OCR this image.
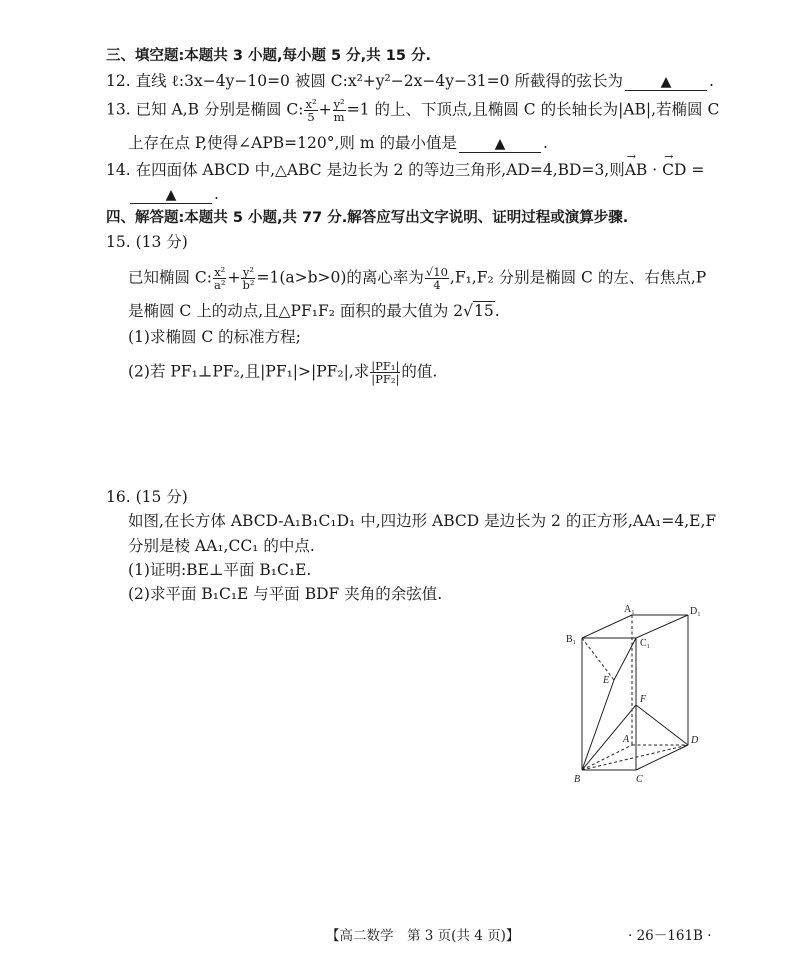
三、填空题:本题共 3 小题,每小题 5 分,共 15 分.
12. 直线 ℓ:3x−4y−10=0 被圆 C:x²+y²−2x−4y−31=0 所截得的弦长为	▲ .
13. 已知 A,B 分别是椭圆 C: $\frac{\text{x²}}{5} + \frac{\text{y²}}{m} =1$ 的上、下顶点,且椭圆 C 的长轴长为|AB|,若椭圆 C
上存在点 P,使得∠APB=120°,则 m 的最小值是	▲ .
14. 在四面体 ABCD 中,△ABC 是边长为 2 的等边三角形,AD=4,BD=3,则→ AB · → CD =
▲ .
四、解答题:本题共 5 小题,共 77 分.解答应写出文字说明、证明过程或演算步骤.
15. (13 分)
已知椭圆 C: $\frac{\text{x²}}{\text{a²}} + \frac{\text{y²}}{\text{b²}} =1(a>b>0)$的离心率为 $\frac{√10}{4} ,F_1,F_2$ 分别是椭圆 C 的左、右焦点,P
是椭圆 C 上的动点,且△PF₁F₂ 面积的最大值为 2√15.
(1)求椭圆 C 的标准方程;
(2)若 PF₁⊥PF₂,且|PF₁|>|PF₂|,求 $\frac{\text{|PF₁|}}{\text{|PF₂|}}$ 的值.
16. (15 分)
如图,在长方体 ABCD-A₁B₁C₁D₁ 中,四边形 ABCD 是边长为 2 的正方形,AA₁=4,E,F
分别是棱 AA₁,CC₁ 的中点.
(1)证明:BE⊥平面 B₁C₁E.
(2)求平面 B₁C₁E 与平面 BDF 夹角的余弦值.
A₁	D₁
B₁	C₁
E
F
A	D
B	C
【高二数学　第 3 页(共 4 页)】	· 26－161B ·
